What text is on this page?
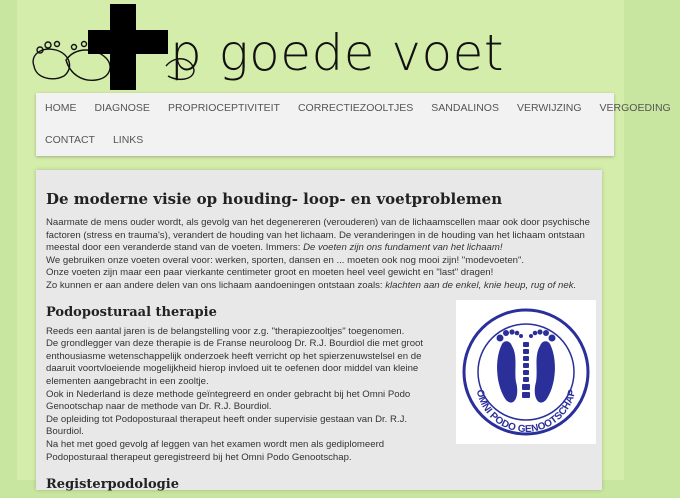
p goede voet
HOME	DIAGNOSE	PROPRIOCEPTIVITEIT	CORRECTIEZOOLTJES	SANDALINOS	VERWIJZING	VERGOEDING
CONTACT	LINKS
De moderne visie op houding- loop- en voetproblemen

Naarmate de mens ouder wordt, als gevolg van het degenereren (verouderen) van de lichaamscellen maar ook door psychische factoren (stress en trauma's), verandert de houding van het lichaam. De veranderingen in de houding van het lichaam ontstaan meestal door een veranderde stand van de voeten. Immers: De voeten zijn ons fundament van het lichaam!

We gebruiken onze voeten overal voor: werken, sporten, dansen en ... moeten ook nog mooi zijn! "modevoeten".

Onze voeten zijn maar een paar vierkante centimeter groot en moeten heel veel gewicht en "last" dragen!

Zo kunnen er aan andere delen van ons lichaam aandoeningen ontstaan zoals: klachten aan de enkel, knie heup, rug of nek.

Podoposturaal therapie

Reeds een aantal jaren is de belangstelling voor z.g. "therapiezooltjes" toegenomen.

De grondlegger van deze therapie is de Franse neuroloog Dr. R.J. Bourdiol die met groot enthousiasme wetenschappelijk onderzoek heeft verricht op het spierzenuwstelsel en de daaruit voortvloeiende mogelijkheid hierop invloed uit te oefenen door middel van kleine elementen aangebracht in een zooltje.

Ook in Nederland is deze methode geïntegreerd en onder gebracht bij het Omni Podo Genootschap naar de methode van Dr. R.J. Bourdiol.

De opleiding tot Podoposturaal therapeut heeft onder supervisie gestaan van Dr. R.J. Bourdiol.

Na het met goed gevolg af leggen van het examen wordt men als gediplomeerd Podoposturaal therapeut geregistreerd bij het Omni Podo Genootschap.

Registerpodologie
OMNI PODO GENOOTSCHAP
